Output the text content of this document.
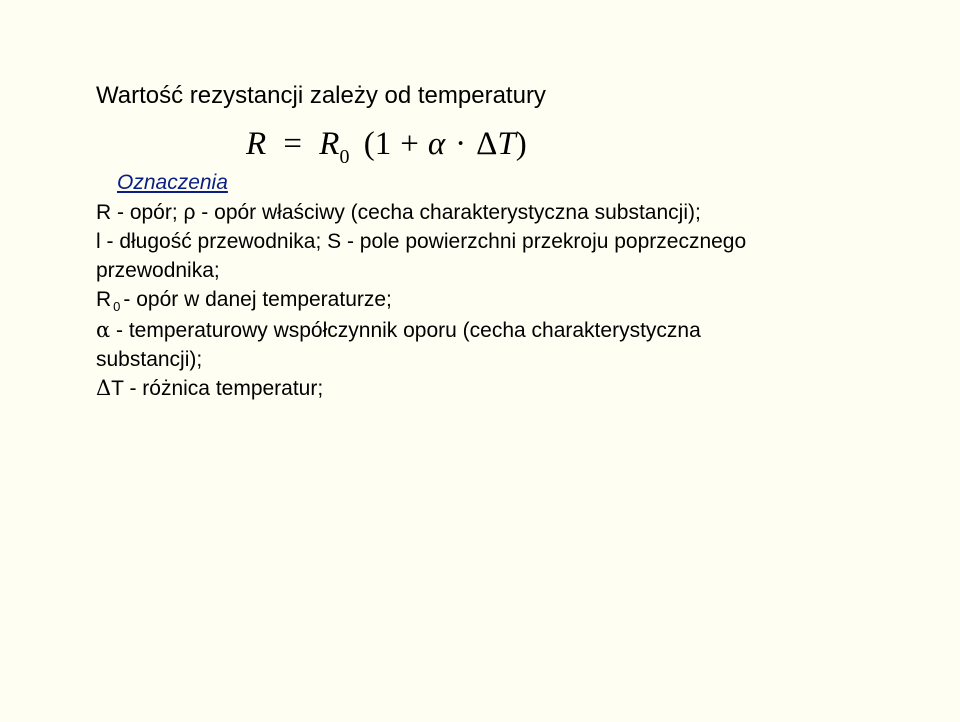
Wartość rezystancji zależy od temperatury
$R = R_0$ (1 + α · ΔT)
Oznaczenia
R - opór; ρ - opór właściwy (cecha charakterystyczna substancji);
l - długość przewodnika; S - pole powierzchni przekroju poprzecznego
przewodnika;
R $_0$ - opór w danej temperaturze;
α - temperaturowy współczynnik oporu (cecha charakterystyczna
substancji);
ΔT - różnica temperatur;
